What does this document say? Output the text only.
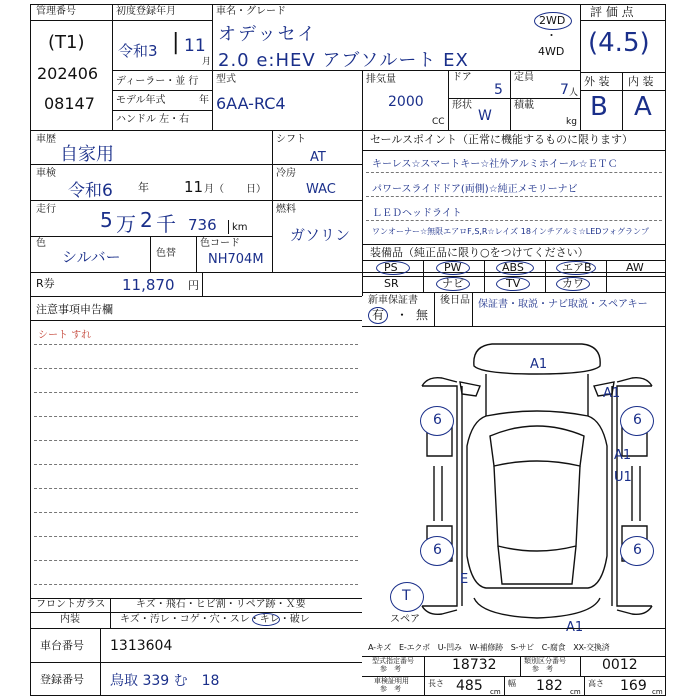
管理番号
(T1)
202406
08147
初度登録年月
令和3 | 11
月
車名・グレード
オデッセイ
2.0 e:HEV アブソルート EX
2WD
・
4WD
評 価 点
(4.5)
外 装 内 装
B A
ディーラー・並 行
モデル年式	年
ハンドル 左・右
型式
6AA-RC4
排気量
2000
CC
ドア
5
定員
7 人
形状
W
積載
kg
車歴
自家用
車検
令和6 年 11 月（ 日）
走行 5 万 2 千 736 km
色
シルバー	色替
色コード
NH704M
シフト
AT
冷房
WAC
燃料
ガソリン
R券	11,870 円
セールスポイント（正常に機能するものに限ります）
キーレス☆スマートキー☆社外アルミホイール☆ＥＴＣ
パワースライドドア(両側)☆純正メモリーナビ
ＬＥＤヘッドライト
ワンオーナー☆無限エアロF,S,R☆レイズ 18インチアルミ☆LEDフォグランプ
装備品（純正品に限り○をつけてください）
PS	PW	ABS	エアB	AW
SR	ナビ	TV	カワ
新車保証書
有 ・ 無
後日品 保証書・取説・ナビ取説・スペアキー
注意事項申告欄
シート すれ
A1
A1
6	6
A1
U1
6	6
E
T
スペア
A1
フロントガラス	キズ・飛石・ヒビ割・リペア跡・Ｘ要
内装	キズ・汚レ・コゲ・穴・スレ・キレ・破レ
車台番号 1313604
登録番号 鳥取 339 む　18
A-キズ　E-エクボ　U-凹み　W-補修跡　S-サビ　C-腐食　XX-交換済
型式指定番号
参　考	18732	類別区分番号
参　考	0012
車検証明用
参　考
長さ 485 cm
幅 182 cm
高さ 169 cm
